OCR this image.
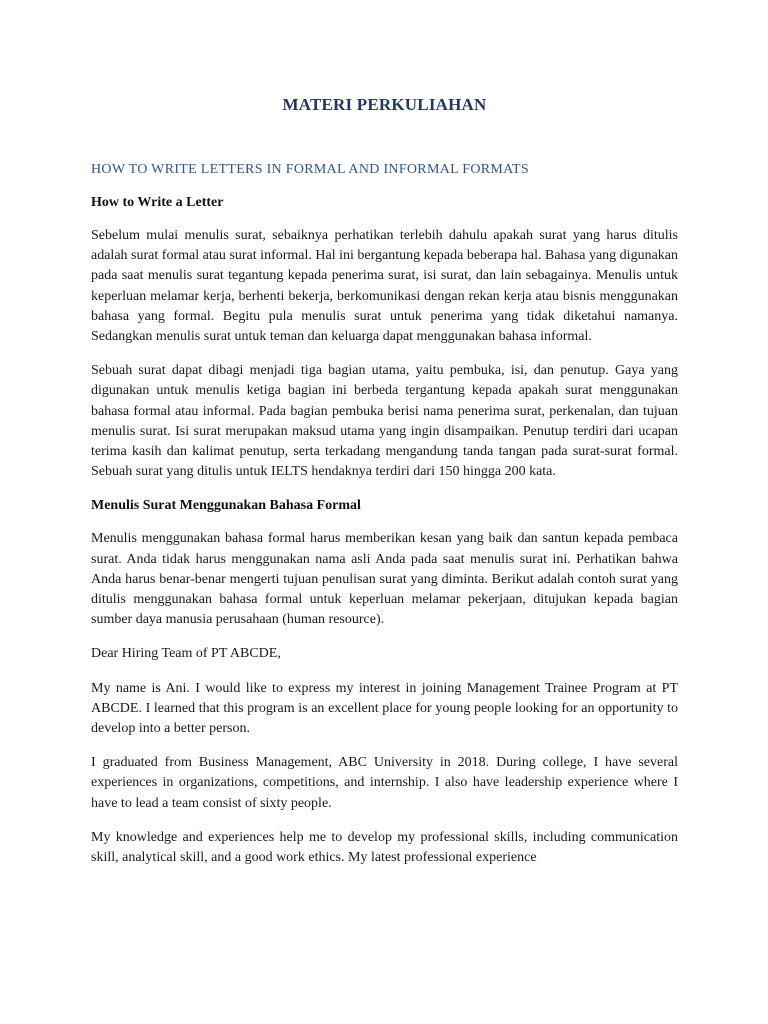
MATERI PERKULIAHAN
HOW TO WRITE LETTERS IN FORMAL AND INFORMAL FORMATS
How to Write a Letter

Sebelum mulai menulis surat, sebaiknya perhatikan terlebih dahulu apakah surat yang harus ditulis adalah surat formal atau surat informal. Hal ini bergantung kepada beberapa hal. Bahasa yang digunakan pada saat menulis surat tegantung kepada penerima surat, isi surat, dan lain sebagainya. Menulis untuk keperluan melamar kerja, berhenti bekerja, berkomunikasi dengan rekan kerja atau bisnis menggunakan bahasa yang formal. Begitu pula menulis surat untuk penerima yang tidak diketahui namanya. Sedangkan menulis surat untuk teman dan keluarga dapat menggunakan bahasa informal.

Sebuah surat dapat dibagi menjadi tiga bagian utama, yaitu pembuka, isi, dan penutup. Gaya yang digunakan untuk menulis ketiga bagian ini berbeda tergantung kepada apakah surat menggunakan bahasa formal atau informal. Pada bagian pembuka berisi nama penerima surat, perkenalan, dan tujuan menulis surat. Isi surat merupakan maksud utama yang ingin disampaikan. Penutup terdiri dari ucapan terima kasih dan kalimat penutup, serta terkadang mengandung tanda tangan pada surat-surat formal. Sebuah surat yang ditulis untuk IELTS hendaknya terdiri dari 150 hingga 200 kata.

Menulis Surat Menggunakan Bahasa Formal

Menulis menggunakan bahasa formal harus memberikan kesan yang baik dan santun kepada pembaca surat. Anda tidak harus menggunakan nama asli Anda pada saat menulis surat ini. Perhatikan bahwa Anda harus benar-benar mengerti tujuan penulisan surat yang diminta. Berikut adalah contoh surat yang ditulis menggunakan bahasa formal untuk keperluan melamar pekerjaan, ditujukan kepada bagian sumber daya manusia perusahaan (human resource).

Dear Hiring Team of PT ABCDE,

My name is Ani. I would like to express my interest in joining Management Trainee Program at PT ABCDE. I learned that this program is an excellent place for young people looking for an opportunity to develop into a better person.

I graduated from Business Management, ABC University in 2018. During college, I have several experiences in organizations, competitions, and internship. I also have leadership experience where I have to lead a team consist of sixty people.

My knowledge and experiences help me to develop my professional skills, including communication skill, analytical skill, and a good work ethics. My latest professional experience
